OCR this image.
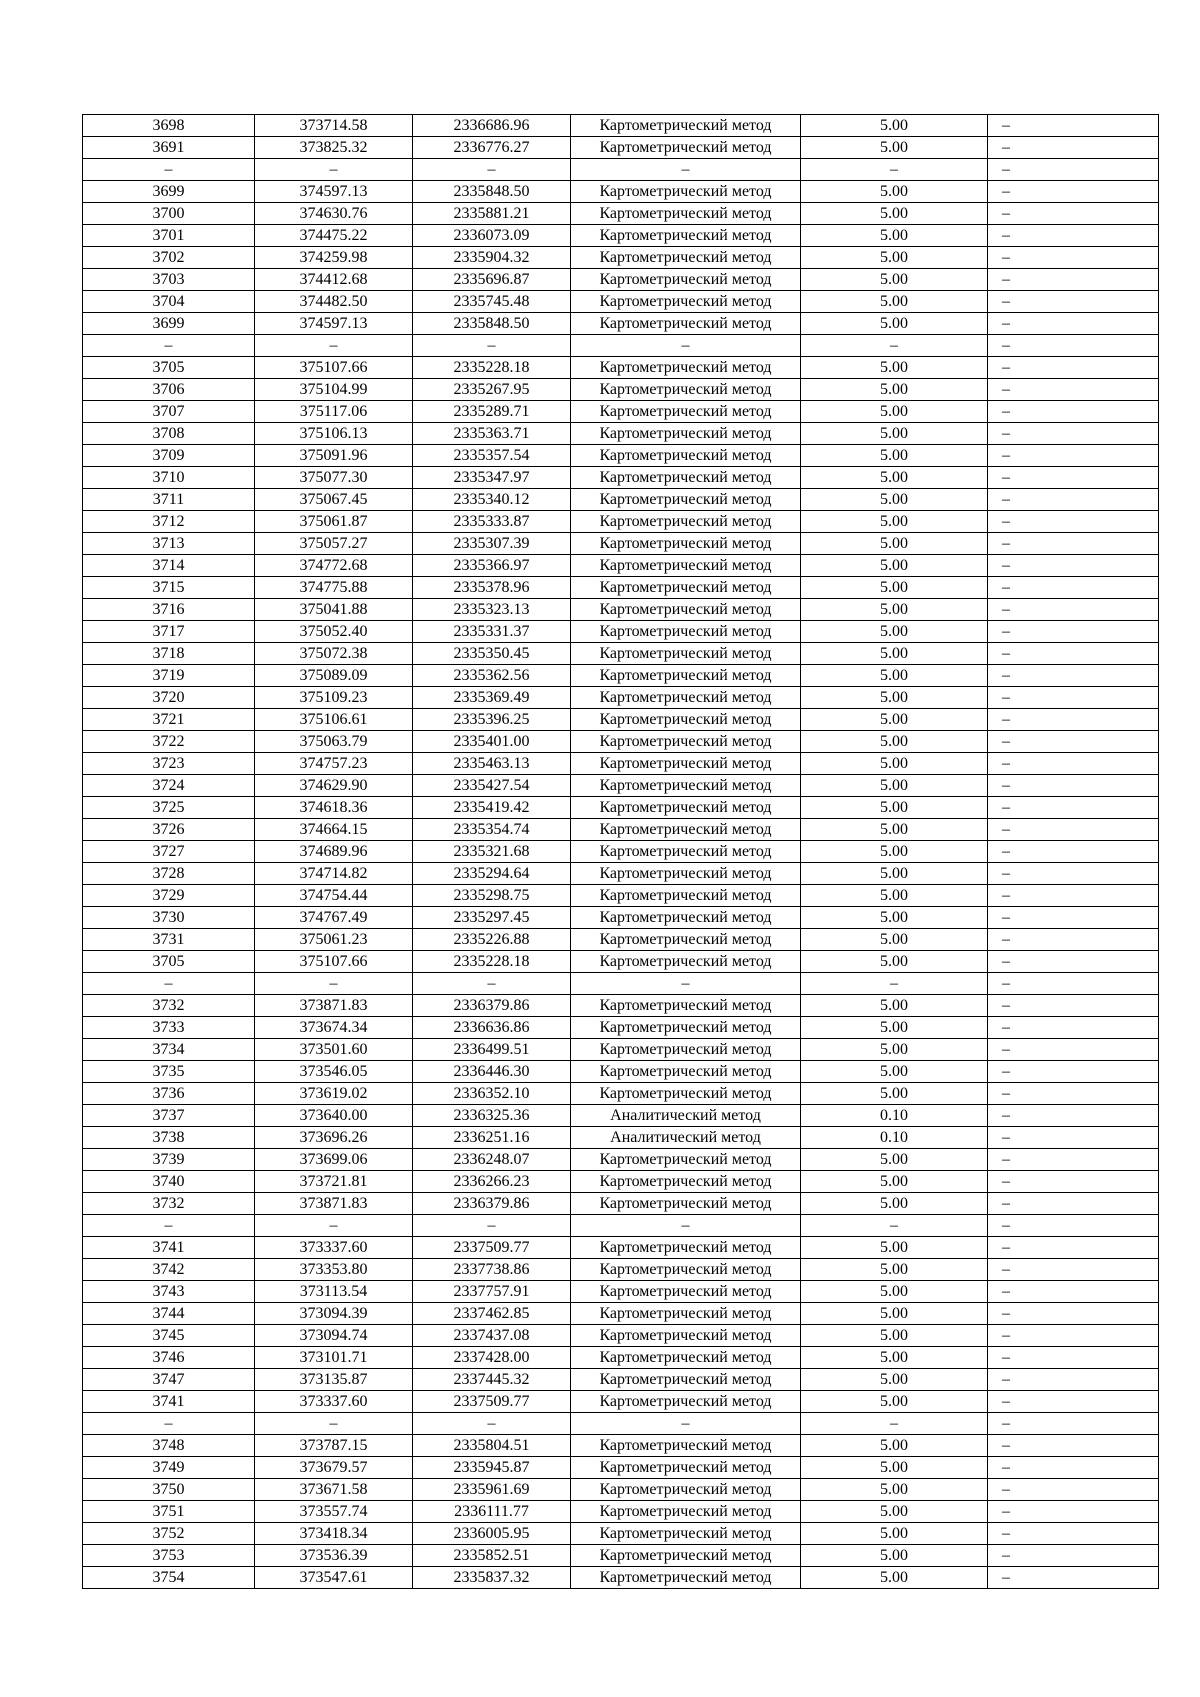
3698	373714.58	2336686.96	Картометрический метод	5.00	–
3691	373825.32	2336776.27	Картометрический метод	5.00	–
–	–	–	–	–	–
3699	374597.13	2335848.50	Картометрический метод	5.00	–
3700	374630.76	2335881.21	Картометрический метод	5.00	–
3701	374475.22	2336073.09	Картометрический метод	5.00	–
3702	374259.98	2335904.32	Картометрический метод	5.00	–
3703	374412.68	2335696.87	Картометрический метод	5.00	–
3704	374482.50	2335745.48	Картометрический метод	5.00	–
3699	374597.13	2335848.50	Картометрический метод	5.00	–
–	–	–	–	–	–
3705	375107.66	2335228.18	Картометрический метод	5.00	–
3706	375104.99	2335267.95	Картометрический метод	5.00	–
3707	375117.06	2335289.71	Картометрический метод	5.00	–
3708	375106.13	2335363.71	Картометрический метод	5.00	–
3709	375091.96	2335357.54	Картометрический метод	5.00	–
3710	375077.30	2335347.97	Картометрический метод	5.00	–
3711	375067.45	2335340.12	Картометрический метод	5.00	–
3712	375061.87	2335333.87	Картометрический метод	5.00	–
3713	375057.27	2335307.39	Картометрический метод	5.00	–
3714	374772.68	2335366.97	Картометрический метод	5.00	–
3715	374775.88	2335378.96	Картометрический метод	5.00	–
3716	375041.88	2335323.13	Картометрический метод	5.00	–
3717	375052.40	2335331.37	Картометрический метод	5.00	–
3718	375072.38	2335350.45	Картометрический метод	5.00	–
3719	375089.09	2335362.56	Картометрический метод	5.00	–
3720	375109.23	2335369.49	Картометрический метод	5.00	–
3721	375106.61	2335396.25	Картометрический метод	5.00	–
3722	375063.79	2335401.00	Картометрический метод	5.00	–
3723	374757.23	2335463.13	Картометрический метод	5.00	–
3724	374629.90	2335427.54	Картометрический метод	5.00	–
3725	374618.36	2335419.42	Картометрический метод	5.00	–
3726	374664.15	2335354.74	Картометрический метод	5.00	–
3727	374689.96	2335321.68	Картометрический метод	5.00	–
3728	374714.82	2335294.64	Картометрический метод	5.00	–
3729	374754.44	2335298.75	Картометрический метод	5.00	–
3730	374767.49	2335297.45	Картометрический метод	5.00	–
3731	375061.23	2335226.88	Картометрический метод	5.00	–
3705	375107.66	2335228.18	Картометрический метод	5.00	–
–	–	–	–	–	–
3732	373871.83	2336379.86	Картометрический метод	5.00	–
3733	373674.34	2336636.86	Картометрический метод	5.00	–
3734	373501.60	2336499.51	Картометрический метод	5.00	–
3735	373546.05	2336446.30	Картометрический метод	5.00	–
3736	373619.02	2336352.10	Картометрический метод	5.00	–
3737	373640.00	2336325.36	Аналитический метод	0.10	–
3738	373696.26	2336251.16	Аналитический метод	0.10	–
3739	373699.06	2336248.07	Картометрический метод	5.00	–
3740	373721.81	2336266.23	Картометрический метод	5.00	–
3732	373871.83	2336379.86	Картометрический метод	5.00	–
–	–	–	–	–	–
3741	373337.60	2337509.77	Картометрический метод	5.00	–
3742	373353.80	2337738.86	Картометрический метод	5.00	–
3743	373113.54	2337757.91	Картометрический метод	5.00	–
3744	373094.39	2337462.85	Картометрический метод	5.00	–
3745	373094.74	2337437.08	Картометрический метод	5.00	–
3746	373101.71	2337428.00	Картометрический метод	5.00	–
3747	373135.87	2337445.32	Картометрический метод	5.00	–
3741	373337.60	2337509.77	Картометрический метод	5.00	–
–	–	–	–	–	–
3748	373787.15	2335804.51	Картометрический метод	5.00	–
3749	373679.57	2335945.87	Картометрический метод	5.00	–
3750	373671.58	2335961.69	Картометрический метод	5.00	–
3751	373557.74	2336111.77	Картометрический метод	5.00	–
3752	373418.34	2336005.95	Картометрический метод	5.00	–
3753	373536.39	2335852.51	Картометрический метод	5.00	–
3754	373547.61	2335837.32	Картометрический метод	5.00	–
